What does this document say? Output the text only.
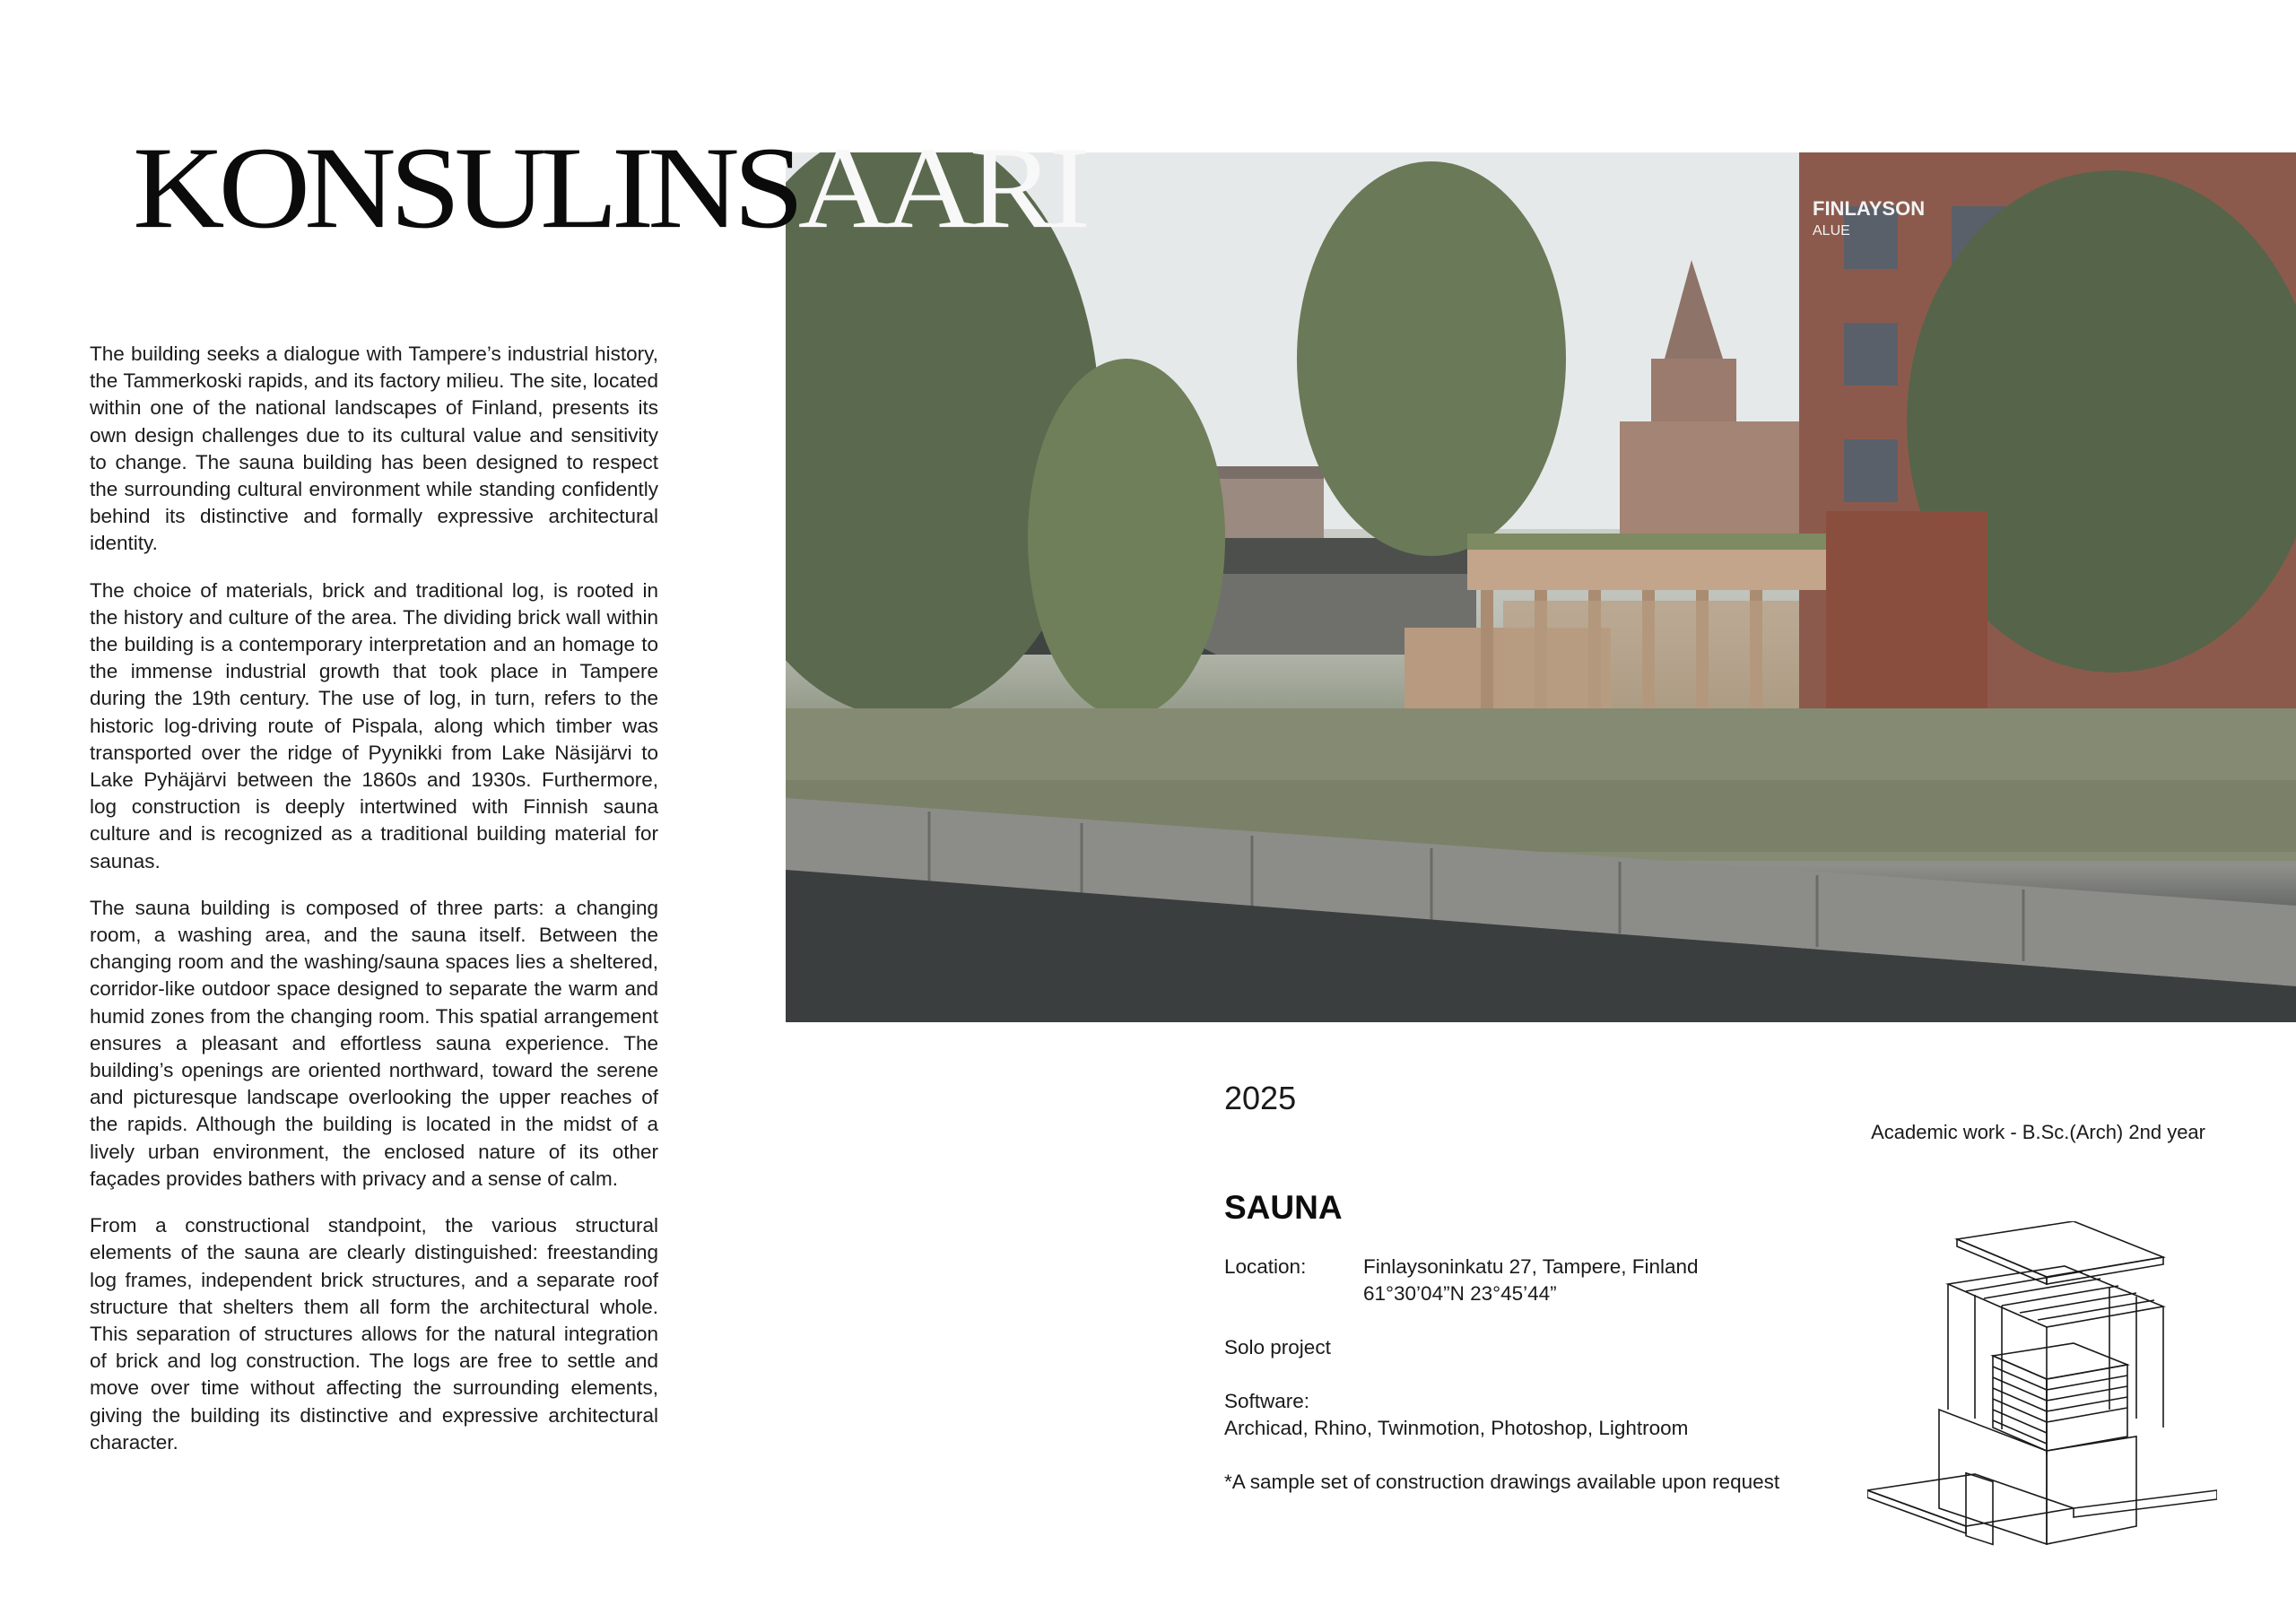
FINLAYSON
ALUE
KONSULINSAARI

The building seeks a dialogue with Tampere’s industrial history, the Tammerkoski rapids, and its factory milieu. The site, located within one of the national landscapes of Finland, presents its own design challenges due to its cultural value and sensitivity to change. The sauna building has been designed to respect the surrounding cultural environment while standing confidently behind its distinctive and formally expressive architectural identity.

The choice of materials, brick and traditional log, is rooted in the history and culture of the area. The dividing brick wall within the building is a contemporary interpretation and an homage to the immense industrial growth that took place in Tampere during the 19th century. The use of log, in turn, refers to the historic log-driving route of Pispala, along which timber was transported over the ridge of Pyynikki from Lake Näsijärvi to Lake Pyhäjärvi between the 1860s and 1930s. Furthermore, log construction is deeply intertwined with Finnish sauna culture and is recognized as a traditional building material for saunas.

The sauna building is composed of three parts: a changing room, a washing area, and the sauna itself. Between the changing room and the washing/sauna spaces lies a sheltered, corridor-like outdoor space designed to separate the warm and humid zones from the changing room. This spatial arrangement ensures a pleasant and effortless sauna experience. The building’s openings are oriented northward, toward the serene and picturesque landscape overlooking the upper reaches of the rapids. Although the building is located in the midst of a lively urban environment, the enclosed nature of its other façades provides bathers with privacy and a sense of calm.

From a constructional standpoint, the various structural elements of the sauna are clearly distinguished: freestanding log frames, independent brick structures, and a separate roof structure that shelters them all form the architectural whole. This separation of structures allows for the natural integration of brick and log construction. The logs are free to settle and move over time without affecting the surrounding elements, giving the building its distinctive and expressive architectural character.

2025
Academic work - B.Sc.(Arch) 2nd year
SAUNA
Location:	Finlaysoninkatu 27, Tampere, Finland
61°30’04”N 23°45’44”
Solo project
Software:
Archicad, Rhino, Twinmotion, Photoshop, Lightroom
*A sample set of construction drawings available upon request
